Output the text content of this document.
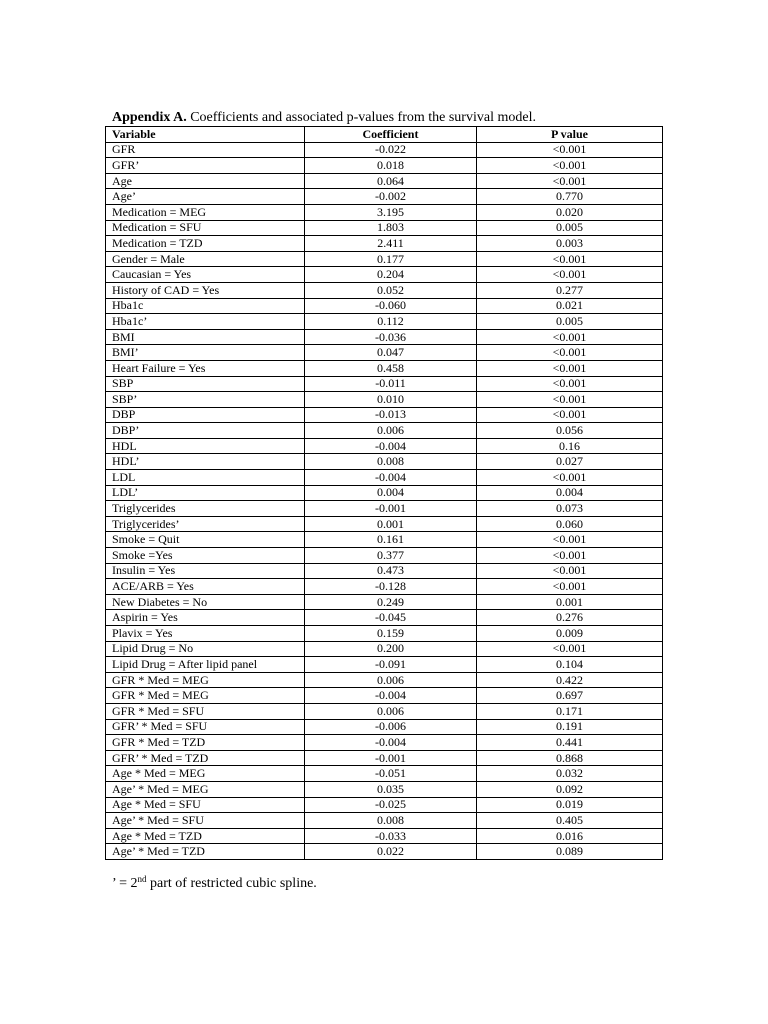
Appendix A. Coefficients and associated p-values from the survival model.
Variable	Coefficient	P value
GFR	-0.022	<0.001
GFR’	0.018	<0.001
Age	0.064	<0.001
Age’	-0.002	0.770
Medication = MEG	3.195	0.020
Medication = SFU	1.803	0.005
Medication = TZD	2.411	0.003
Gender = Male	0.177	<0.001
Caucasian = Yes	0.204	<0.001
History of CAD = Yes	0.052	0.277
Hba1c	-0.060	0.021
Hba1c’	0.112	0.005
BMI	-0.036	<0.001
BMI’	0.047	<0.001
Heart Failure = Yes	0.458	<0.001
SBP	-0.011	<0.001
SBP’	0.010	<0.001
DBP	-0.013	<0.001
DBP’	0.006	0.056
HDL	-0.004	0.16
HDL’	0.008	0.027
LDL	-0.004	<0.001
LDL’	0.004	0.004
Triglycerides	-0.001	0.073
Triglycerides’	0.001	0.060
Smoke = Quit	0.161	<0.001
Smoke =Yes	0.377	<0.001
Insulin = Yes	0.473	<0.001
ACE/ARB = Yes	-0.128	<0.001
New Diabetes = No	0.249	0.001
Aspirin = Yes	-0.045	0.276
Plavix = Yes	0.159	0.009
Lipid Drug = No	0.200	<0.001
Lipid Drug = After lipid panel	-0.091	0.104
GFR * Med = MEG	0.006	0.422
GFR * Med = MEG	-0.004	0.697
GFR * Med = SFU	0.006	0.171
GFR’ * Med = SFU	-0.006	0.191
GFR * Med = TZD	-0.004	0.441
GFR’ * Med = TZD	-0.001	0.868
Age * Med = MEG	-0.051	0.032
Age’ * Med = MEG	0.035	0.092
Age * Med = SFU	-0.025	0.019
Age’ * Med = SFU	0.008	0.405
Age * Med = TZD	-0.033	0.016
Age’ * Med = TZD	0.022	0.089
’ = 2nd part of restricted cubic spline.
